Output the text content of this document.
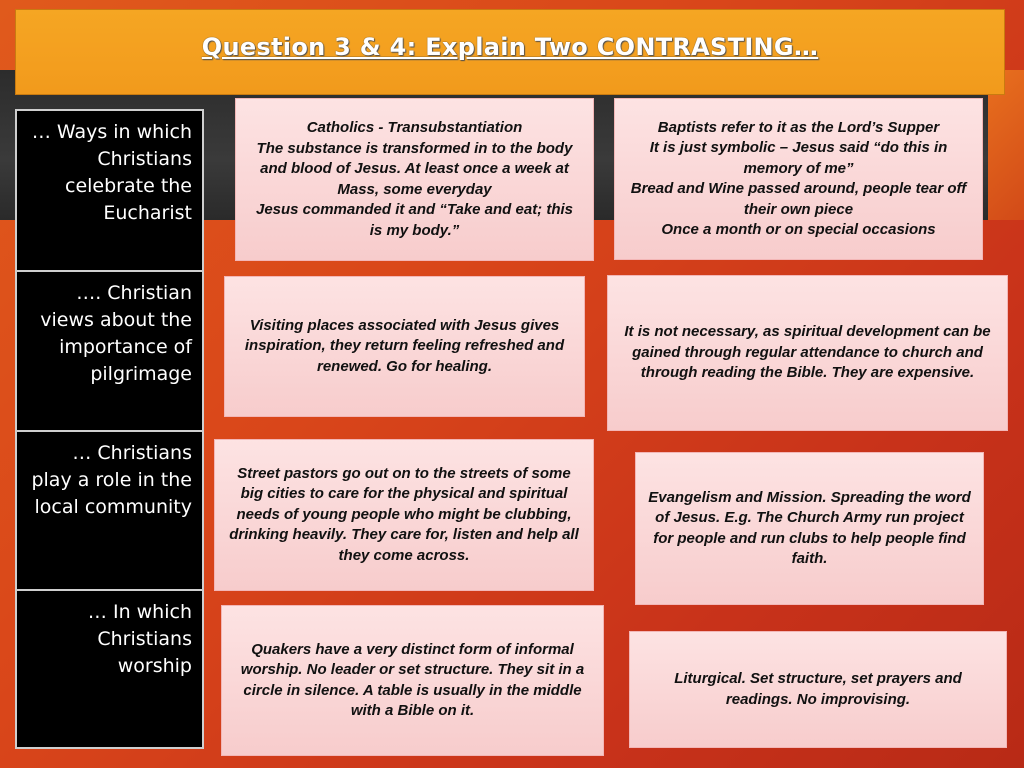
Question 3 & 4: Explain Two CONTRASTING…
… Ways in which Christians celebrate the Eucharist
…. Christian views about the importance of pilgrimage
… Christians play a role in the local community
… In which Christians worship
Catholics - Transubstantiation
The substance is transformed in to the body and blood of Jesus. At least once a week at Mass, some everyday
Jesus commanded it and “Take and eat; this is my body.”
Baptists refer to it as the Lord’s Supper
It is just symbolic – Jesus said “do this in memory of me”
Bread and Wine passed around, people tear off their own piece
Once a month or on special occasions
Visiting places associated with Jesus gives inspiration, they return feeling refreshed and renewed. Go for healing.
It is not necessary, as spiritual development can be gained through regular attendance to church and through reading the Bible. They are expensive.
Street pastors go out on to the streets of some big cities to care for the physical and spiritual needs of young people who might be clubbing, drinking heavily. They care for, listen and help all they come across.
Evangelism and Mission. Spreading the word of Jesus. E.g. The Church Army run project for people and run clubs to help people find faith.
Quakers have a very distinct form of informal worship. No leader or set structure. They sit in a circle in silence. A table is usually in the middle with a Bible on it.
Liturgical. Set structure, set prayers and readings. No improvising.
